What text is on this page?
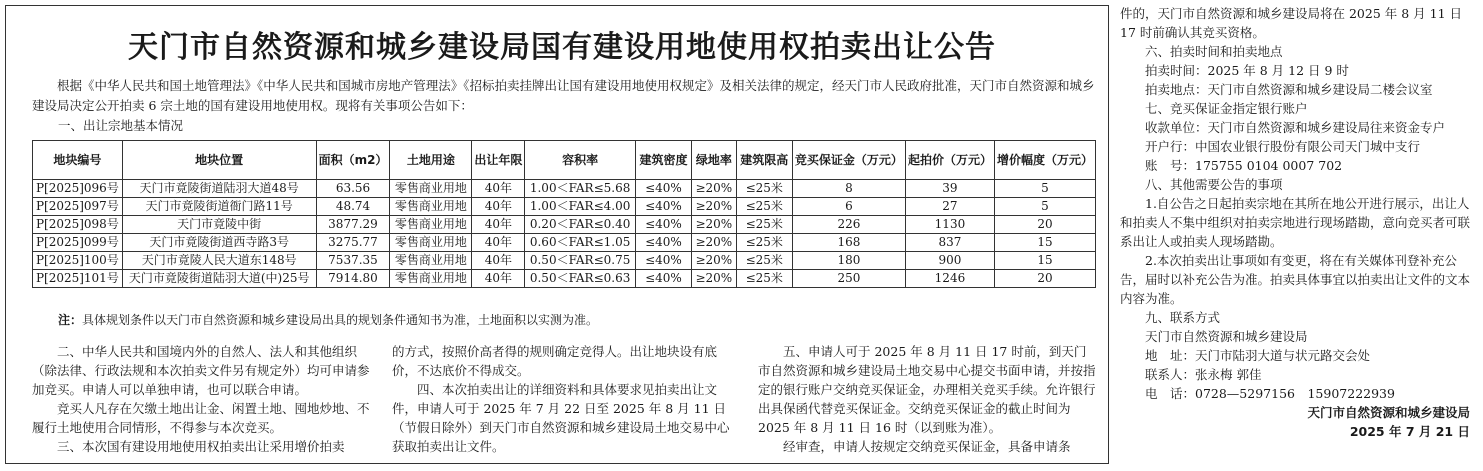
天门市自然资源和城乡建设局国有建设用地使用权拍卖出让公告

根据《中华人民共和国土地管理法》《中华人民共和国城市房地产管理法》《招标拍卖挂牌出让国有建设用地使用权规定》及相关法律的规定，经天门市人民政府批准，天门市自然资源和城乡建设局决定公开拍卖 6 宗土地的国有建设用地使用权。现将有关事项公告如下：

一、出让宗地基本情况
地块编号	地块位置	面积（m2）	土地用途	出让年限	容积率	建筑密度	绿地率	建筑限高	竞买保证金（万元）	起拍价（万元）	增价幅度（万元）
P[2025]096号	天门市竟陵街道陆羽大道48号	63.56	零售商业用地	40年	1.00＜FAR≤5.68	≤40%	≥20%	≤25米	8	39	5
P[2025]097号	天门市竟陵街道衙门路11号	48.74	零售商业用地	40年	1.00＜FAR≤4.00	≤40%	≥20%	≤25米	6	27	5
P[2025]098号	天门市竟陵中街	3877.29	零售商业用地	40年	0.20＜FAR≤0.40	≤40%	≥20%	≤25米	226	1130	20
P[2025]099号	天门市竟陵街道西寺路3号	3275.77	零售商业用地	40年	0.60＜FAR≤1.05	≤40%	≥20%	≤25米	168	837	15
P[2025]100号	天门市竟陵人民大道东148号	7537.35	零售商业用地	40年	0.50＜FAR≤0.75	≤40%	≥20%	≤25米	180	900	15
P[2025]101号	天门市竟陵街道陆羽大道(中)25号	7914.80	零售商业用地	40年	0.50＜FAR≤0.63	≤40%	≥20%	≤25米	250	1246	20
注：具体规划条件以天门市自然资源和城乡建设局出具的规划条件通知书为准，土地面积以实测为准。

二、中华人民共和国境内外的自然人、法人和其他组织（除法律、行政法规和本次拍卖文件另有规定外）均可申请参加竞买。申请人可以单独申请，也可以联合申请。

竞买人凡存在欠缴土地出让金、闲置土地、囤地炒地、不履行土地使用合同情形，不得参与本次竞买。

三、本次国有建设用地使用权拍卖出让采用增价拍卖

的方式，按照价高者得的规则确定竞得人。出让地块设有底价，不达底价不得成交。

四、本次拍卖出让的详细资料和具体要求见拍卖出让文件，申请人可于 2025 年 7 月 22 日至 2025 年 8 月 11 日（节假日除外）到天门市自然资源和城乡建设局土地交易中心获取拍卖出让文件。

五、申请人可于 2025 年 8 月 11 日 17 时前，到天门市自然资源和城乡建设局土地交易中心提交书面申请，并按指定的银行账户交纳竞买保证金，办理相关竞买手续。允许银行出具保函代替竞买保证金。交纳竞买保证金的截止时间为 2025 年 8 月 11 日 16 时（以到账为准）。

经审查，申请人按规定交纳竞买保证金，具备申请条

件的，天门市自然资源和城乡建设局将在 2025 年 8 月 11 日 17 时前确认其竞买资格。

六、拍卖时间和拍卖地点

拍卖时间：2025 年 8 月 12 日 9 时

拍卖地点：天门市自然资源和城乡建设局二楼会议室

七、竞买保证金指定银行账户

收款单位：天门市自然资源和城乡建设局往来资金专户

开户行：中国农业银行股份有限公司天门城中支行

账　号：175755 0104 0007 702

八、其他需要公告的事项

1.自公告之日起拍卖宗地在其所在地公开进行展示，出让人和拍卖人不集中组织对拍卖宗地进行现场踏勘，意向竞买者可联系出让人或拍卖人现场踏勘。

2.本次拍卖出让事项如有变更，将在有关媒体刊登补充公告，届时以补充公告为准。拍卖具体事宜以拍卖出让文件的文本内容为准。

九、联系方式

天门市自然资源和城乡建设局

地　址：天门市陆羽大道与状元路交会处

联系人：张永梅 郭佳

电　话：0728—5297156　15907222939

天门市自然资源和城乡建设局

2025 年 7 月 21 日
